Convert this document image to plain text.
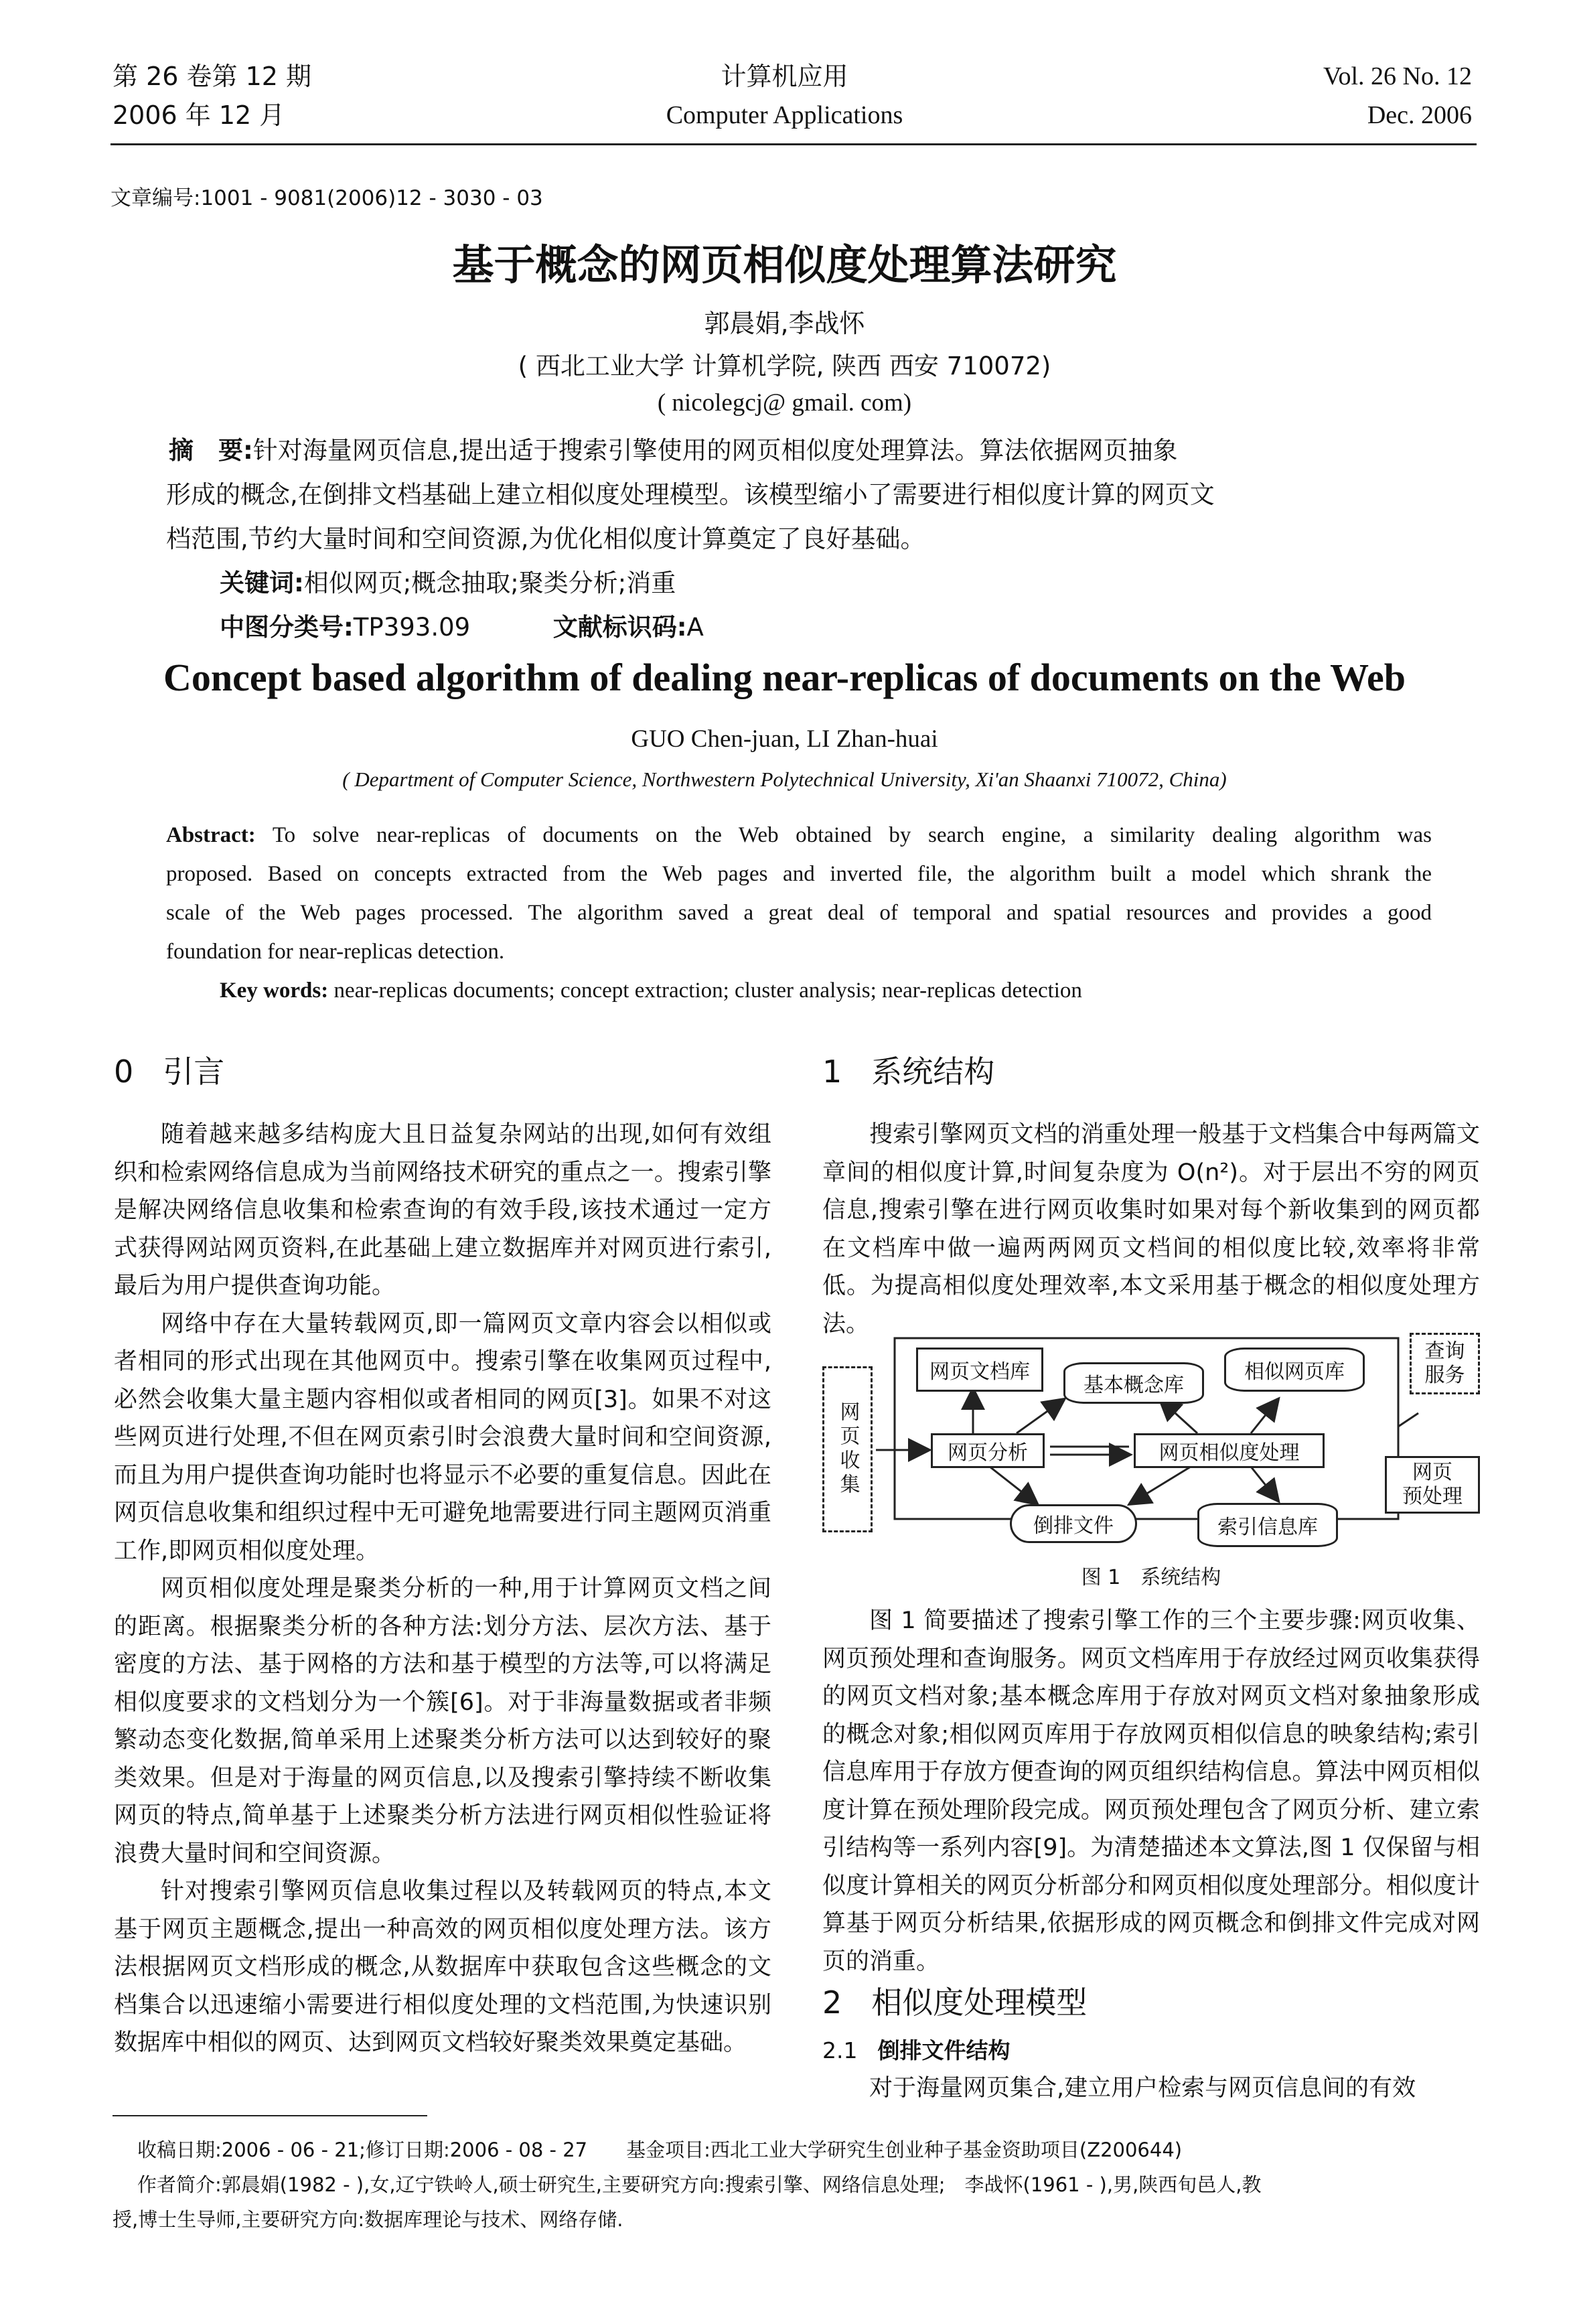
第 26 卷第 12 期
2006 年 12 月
计算机应用
Computer Applications
Vol. 26 No. 12
Dec. 2006
文章编号:1001 - 9081(2006)12 - 3030 - 03
基于概念的网页相似度处理算法研究
郭晨娟,李战怀
( 西北工业大学 计算机学院, 陕西 西安 710072)
( nicolegcj@ gmail. com)
摘　要:针对海量网页信息,提出适于搜索引擎使用的网页相似度处理算法。算法依据网页抽象
形成的概念,在倒排文档基础上建立相似度处理模型。该模型缩小了需要进行相似度计算的网页文
档范围,节约大量时间和空间资源,为优化相似度计算奠定了良好基础。
关键词:相似网页;概念抽取;聚类分析;消重
中图分类号:TP393.09	文献标识码:A
Concept based algorithm of dealing near-replicas of documents on the Web
GUO Chen-juan, LI Zhan-huai
( Department of Computer Science, Northwestern Polytechnical University, Xi'an Shaanxi 710072, China)
Abstract: To solve near-replicas of documents on the Web obtained by search engine, a similarity dealing algorithm was
proposed. Based on concepts extracted from the Web pages and inverted file, the algorithm built a model which shrank the
scale of the Web pages processed. The algorithm saved a great deal of temporal and spatial resources and provides a good
foundation for near-replicas detection.
Key words: near-replicas documents; concept extraction; cluster analysis; near-replicas detection
0 引言

随着越来越多结构庞大且日益复杂网站的出现,如何有效组织和检索网络信息成为当前网络技术研究的重点之一。搜索引擎是解决网络信息收集和检索查询的有效手段,该技术通过一定方式获得网站网页资料,在此基础上建立数据库并对网页进行索引,最后为用户提供查询功能。

网络中存在大量转载网页,即一篇网页文章内容会以相似或者相同的形式出现在其他网页中。搜索引擎在收集网页过程中,必然会收集大量主题内容相似或者相同的网页[3]。如果不对这些网页进行处理,不但在网页索引时会浪费大量时间和空间资源,而且为用户提供查询功能时也将显示不必要的重复信息。因此在网页信息收集和组织过程中无可避免地需要进行同主题网页消重工作,即网页相似度处理。

网页相似度处理是聚类分析的一种,用于计算网页文档之间的距离。根据聚类分析的各种方法:划分方法、层次方法、基于密度的方法、基于网格的方法和基于模型的方法等,可以将满足相似度要求的文档划分为一个簇[6]。对于非海量数据或者非频繁动态变化数据,简单采用上述聚类分析方法可以达到较好的聚类效果。但是对于海量的网页信息,以及搜索引擎持续不断收集网页的特点,简单基于上述聚类分析方法进行网页相似性验证将浪费大量时间和空间资源。

针对搜索引擎网页信息收集过程以及转载网页的特点,本文基于网页主题概念,提出一种高效的网页相似度处理方法。该方法根据网页文档形成的概念,从数据库中获取包含这些概念的文档集合以迅速缩小需要进行相似度处理的文档范围,为快速识别数据库中相似的网页、达到网页文档较好聚类效果奠定基础。

1 系统结构

搜索引擎网页文档的消重处理一般基于文档集合中每两篇文章间的相似度计算,时间复杂度为 O(n²)。对于层出不穷的网页信息,搜索引擎在进行网页收集时如果对每个新收集到的网页都在文档库中做一遍两两网页文档间的相似度比较,效率将非常低。为提高相似度处理效率,本文采用基于概念的相似度处理方法。

网页文档库
基本概念库
相似网页库
查询
服务
网页收集	网页分析	网页相似度处理
倒排文件	索引信息库
网页
预处理
图 1　系统结构

图 1 简要描述了搜索引擎工作的三个主要步骤:网页收集、网页预处理和查询服务。网页文档库用于存放经过网页收集获得的网页文档对象;基本概念库用于存放对网页文档对象抽象形成的概念对象;相似网页库用于存放网页相似信息的映象结构;索引信息库用于存放方便查询的网页组织结构信息。算法中网页相似度计算在预处理阶段完成。网页预处理包含了网页分析、建立索引结构等一系列内容[9]。为清楚描述本文算法,图 1 仅保留与相似度计算相关的网页分析部分和网页相似度处理部分。相似度计算基于网页分析结果,依据形成的网页概念和倒排文件完成对网页的消重。

2 相似度处理模型
2.1 倒排文件结构

对于海量网页集合,建立用户检索与网页信息间的有效

收稿日期:2006 - 06 - 21;修订日期:2006 - 08 - 27　　基金项目:西北工业大学研究生创业种子基金资助项目(Z200644)
作者简介:郭晨娟(1982 - ),女,辽宁铁岭人,硕士研究生,主要研究方向:搜索引擎、网络信息处理;　李战怀(1961 - ),男,陕西旬邑人,教
授,博士生导师,主要研究方向:数据库理论与技术、网络存储.
